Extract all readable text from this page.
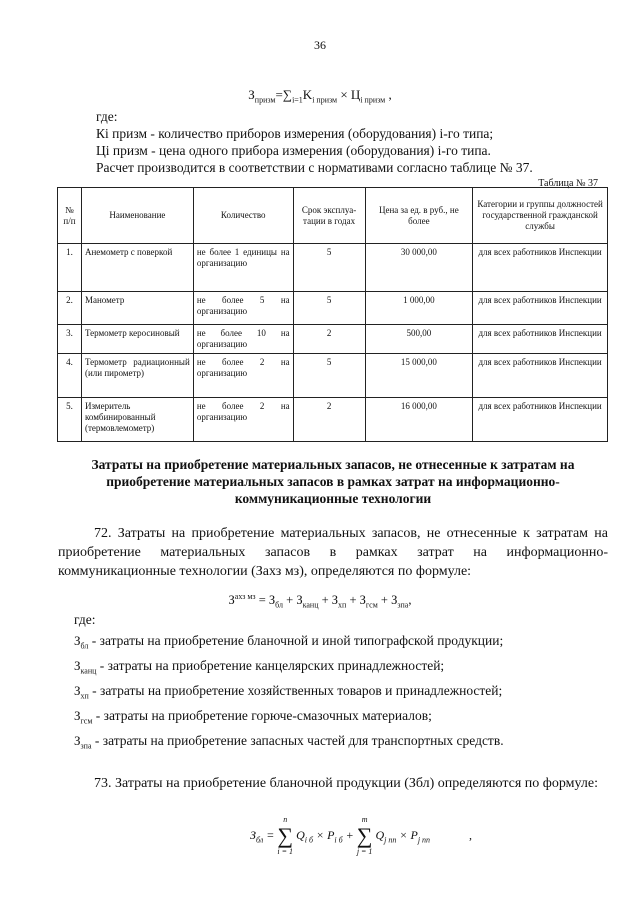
36
$З_{призм}=\sum_{i=1}K_{i призм} \times Ц_{i призм}$ ,
где:
Кi призм - количество приборов измерения (оборудования) i-го типа;
Цi призм - цена одного прибора измерения (оборудования) i-го типа.
Расчет производится в соответствии с нормативами согласно таблице № 37.
Таблица № 37
№ п/п	Наименование	Количество	Срок эксплуа-тации в годах	Цена за ед. в руб., не более	Категории и группы должностей государственной гражданской службы
1.	Анемометр с поверкой	не более 1 единицы на организацию	5	30 000,00	для всех работников Инспекции
2.	Манометр	не более 5 на организацию	5	1 000,00	для всех работников Инспекции
3.	Термометр керосиновый	не более 10 на организацию	2	500,00	для всех работников Инспекции
4.	Термометр радиационный (или пирометр)	не более 2 на организацию	5	15 000,00	для всех работников Инспекции
5.	Измеритель комбинированный (термовлемометр)	не более 2 на организацию	2	16 000,00	для всех работников Инспекции
Затраты на приобретение материальных запасов, не отнесенные к затратам на приобретение материальных запасов в рамках затрат на информационно-коммуникационные технологии
72. Затраты на приобретение материальных запасов, не отнесенные к затратам на приобретение материальных запасов в рамках затрат на информационно-коммуникационные технологии (Захз мз), определяются по формуле:
$З^{ахз мз} = З_{бл} + З_{канц} + З_{хп} + З_{гсм} + З_{зпа}$,
где:
$З_{бл}$ - затраты на приобретение бланочной и иной типографской продукции;
$З_{канц}$ - затраты на приобретение канцелярских принадлежностей;
$З_{хп}$ - затраты на приобретение хозяйственных товаров и принадлежностей;
$З_{гсм}$ - затраты на приобретение горюче-смазочных материалов;
$З_{зпа}$ - затраты на приобретение запасных частей для транспортных средств.
73. Затраты на приобретение бланочной продукции (Збл) определяются по формуле:
$З_{бл}$ =
n
∑
i = 1
$Q_{i б} \times P_{i б}$ +
m
∑
j = 1
$Q_{j пп} \times P_{j пп}$	,
